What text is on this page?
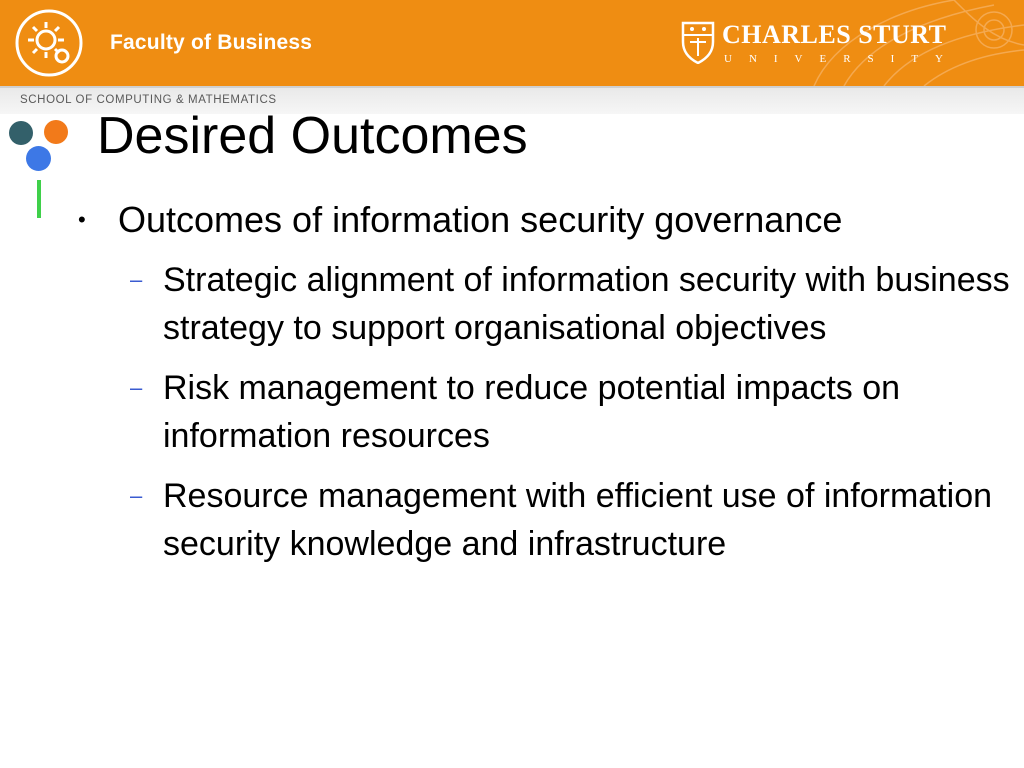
Faculty of Business	CHARLES STURT
UNIVERSITY
SCHOOL OF COMPUTING & MATHEMATICS
Desired Outcomes
• Outcomes of information security governance
– Strategic alignment of information security with business strategy to support organisational objectives
– Risk management to reduce potential impacts on information resources
– Resource management with efficient use of information security knowledge and infrastructure
